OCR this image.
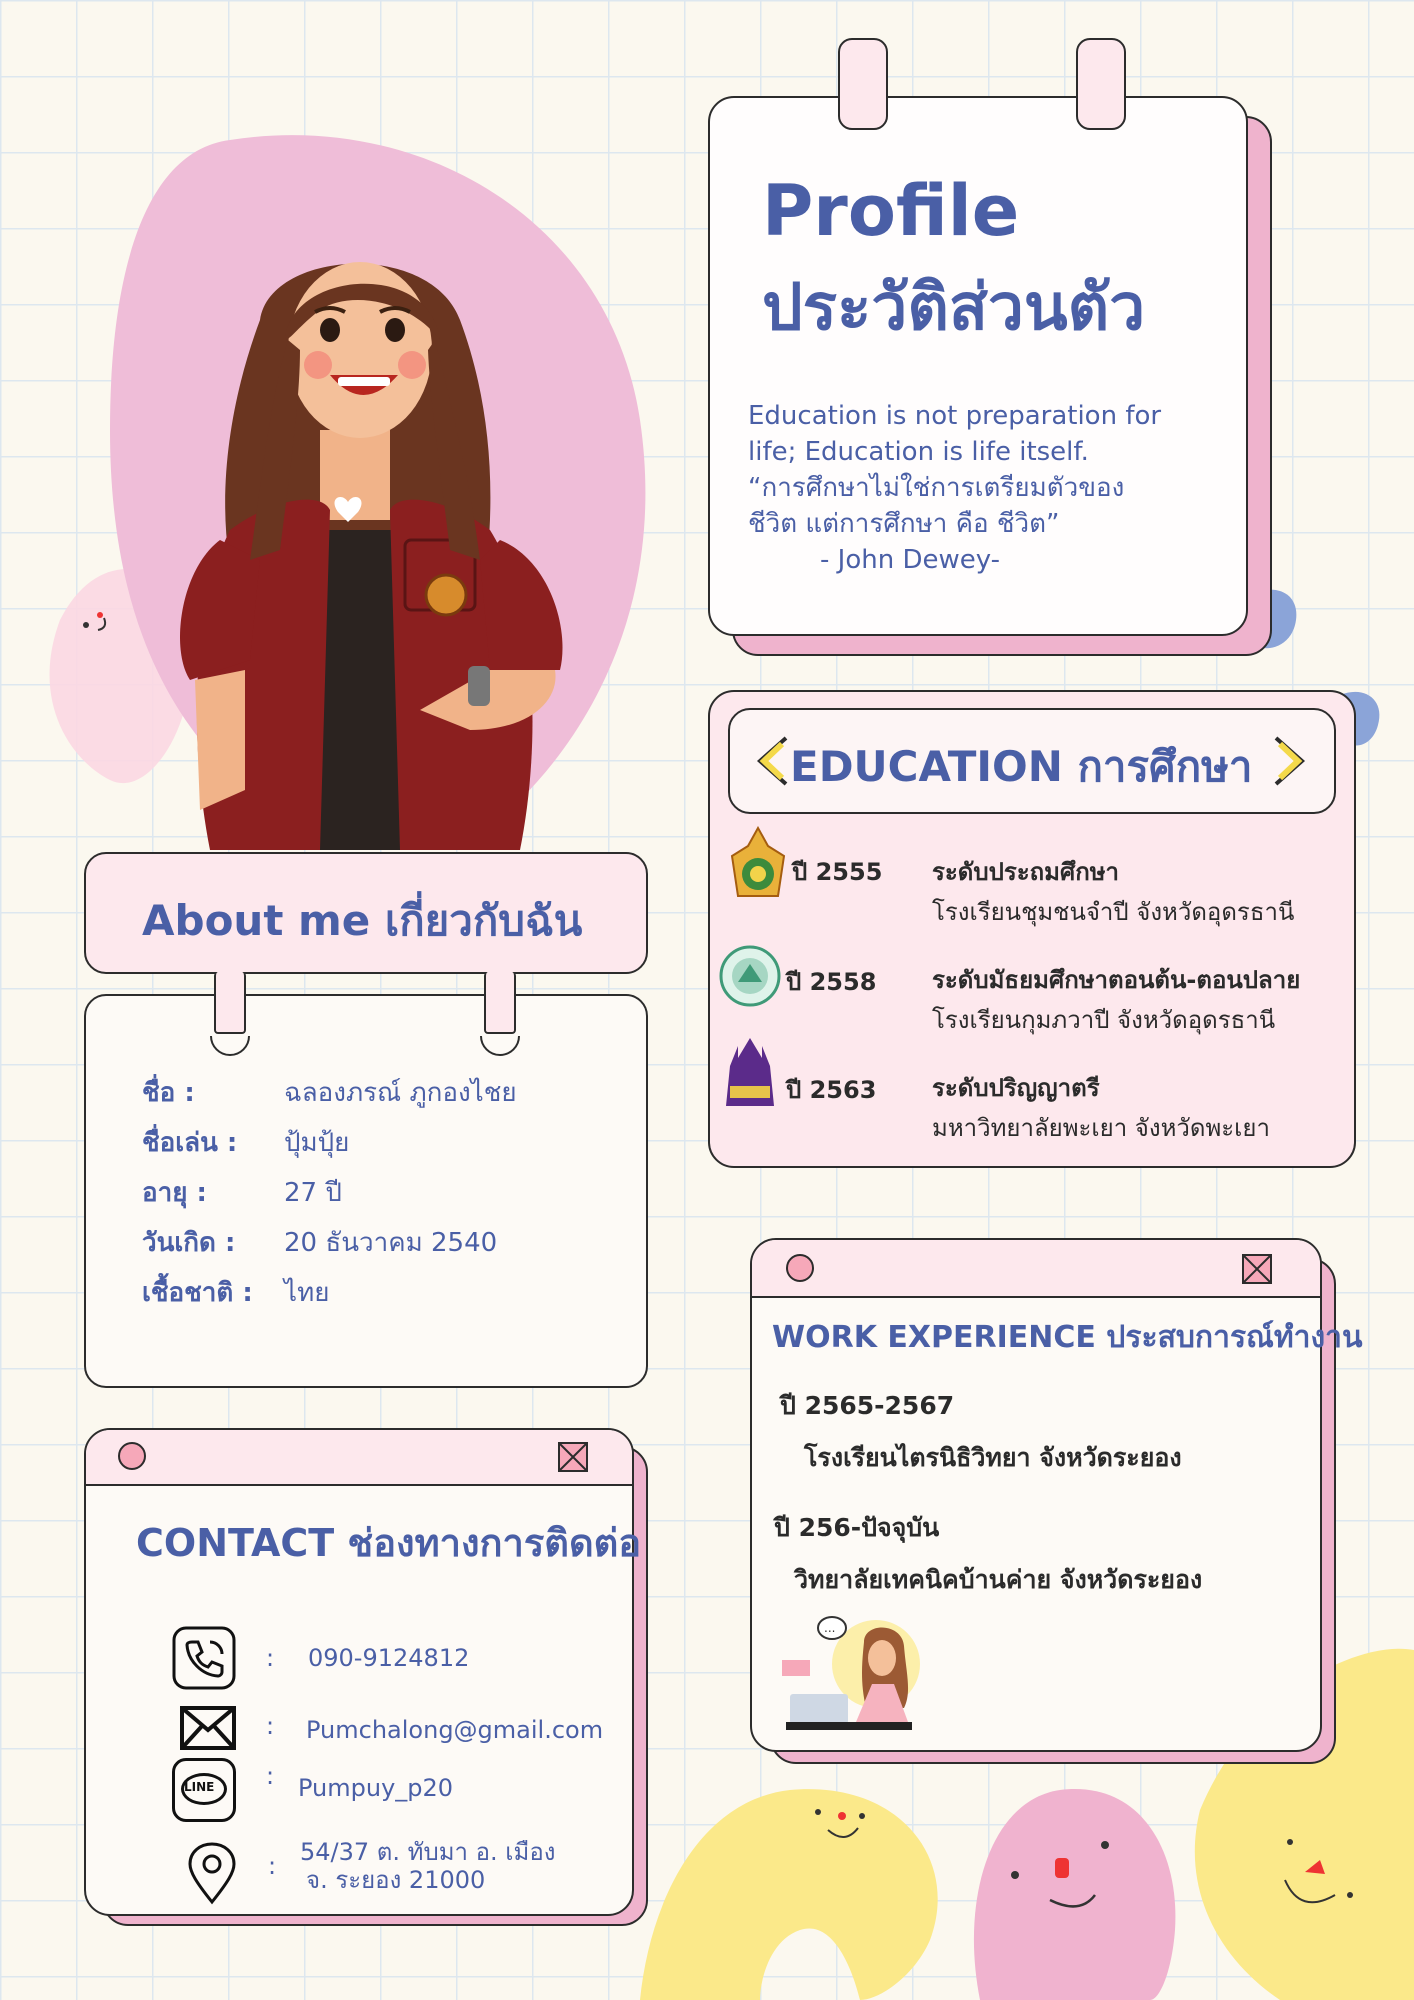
Profile
ประวัติส่วนตัว
Education is not preparation for
life; Education is life itself.
“การศึกษาไม่ใช่การเตรียมตัวของ
ชีวิต แต่การศึกษา คือ ชีวิต”
- John Dewey-
EDUCATION การศึกษา
ปี 2555 ระดับประถมศึกษา
โรงเรียนชุมชนจำปี จังหวัดอุดรธานี
ปี 2558 ระดับมัธยมศึกษาตอนต้น-ตอนปลาย
โรงเรียนกุมภวาปี จังหวัดอุดรธานี
ปี 2563 ระดับปริญญาตรี
มหาวิทยาลัยพะเยา จังหวัดพะเยา
About me เกี่ยวกับฉัน
ชื่อ :	ฉลองภรณ์ ภูกองไชย
ชื่อเล่น : ปุ้มปุ้ย
อายุ :	27 ปี
วันเกิด : 20 ธันวาคม 2540
เชื้อชาติ : ไทย
WORK EXPERIENCE ประสบการณ์ทำงาน
ปี 2565-2567
โรงเรียนไตรนิธิวิทยา จังหวัดระยอง
ปี 256-ปัจจุบัน
วิทยาลัยเทคนิคบ้านค่าย จังหวัดระยอง
...
CONTACT ช่องทางการติดต่อ
: 090-9124812
: Pumchalong@gmail.com
LINE : Pumpuy_p20
: 54/37 ต. ทับมา อ. เมือง
จ. ระยอง 21000
